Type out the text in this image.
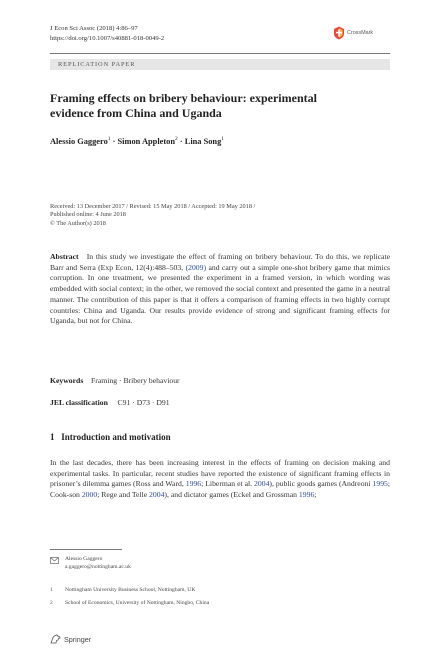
J Econ Sci Assoc (2018) 4:86–97
https://doi.org/10.1007/s40881-018-0049-2
CrossMark
REPLICATION PAPER
Framing effects on bribery behaviour: experimental
evidence from China and Uganda
Alessio Gaggero$^1$ · Simon Appleton$^2$ · Lina Song$^1$
Received: 13 December 2017 / Revised: 15 May 2018 / Accepted: 19 May 2018 /
Published online: 4 June 2018
© The Author(s) 2018
Abstract In this study we investigate the effect of framing on bribery behaviour. To do this, we replicate Barr and Serra (Exp Econ, 12(4):488–503, (2009) and carry out a simple one-shot bribery game that mimics corruption. In one treatment, we presented the experiment in a framed version, in which wording was embedded with social context; in the other, we removed the social context and presented the game in a neutral manner. The contribution of this paper is that it offers a comparison of framing effects in two highly corrupt countries: China and Uganda. Our results provide evidence of strong and significant framing effects for Uganda, but not for China.
Keywords Framing · Bribery behaviour
JEL classification C91 · D73 · D91
1 Introduction and motivation
In the last decades, there has been increasing interest in the effects of framing on decision making and experimental tasks. In particular, recent studies have reported the existence of significant framing effects in prisoner’s dilemma games (Ross and Ward, 1996; Liberman et al. 2004), public goods games (Andreoni 1995; Cook-son 2000; Rege and Telle 2004), and dictator games (Eckel and Grossman 1996;
Alessio Gaggero
a.gaggero@nottingham.ac.uk
1 Nottingham University Business School, Nottingham, UK
2 School of Economics, University of Nottingham, Ningbo, China
Springer
